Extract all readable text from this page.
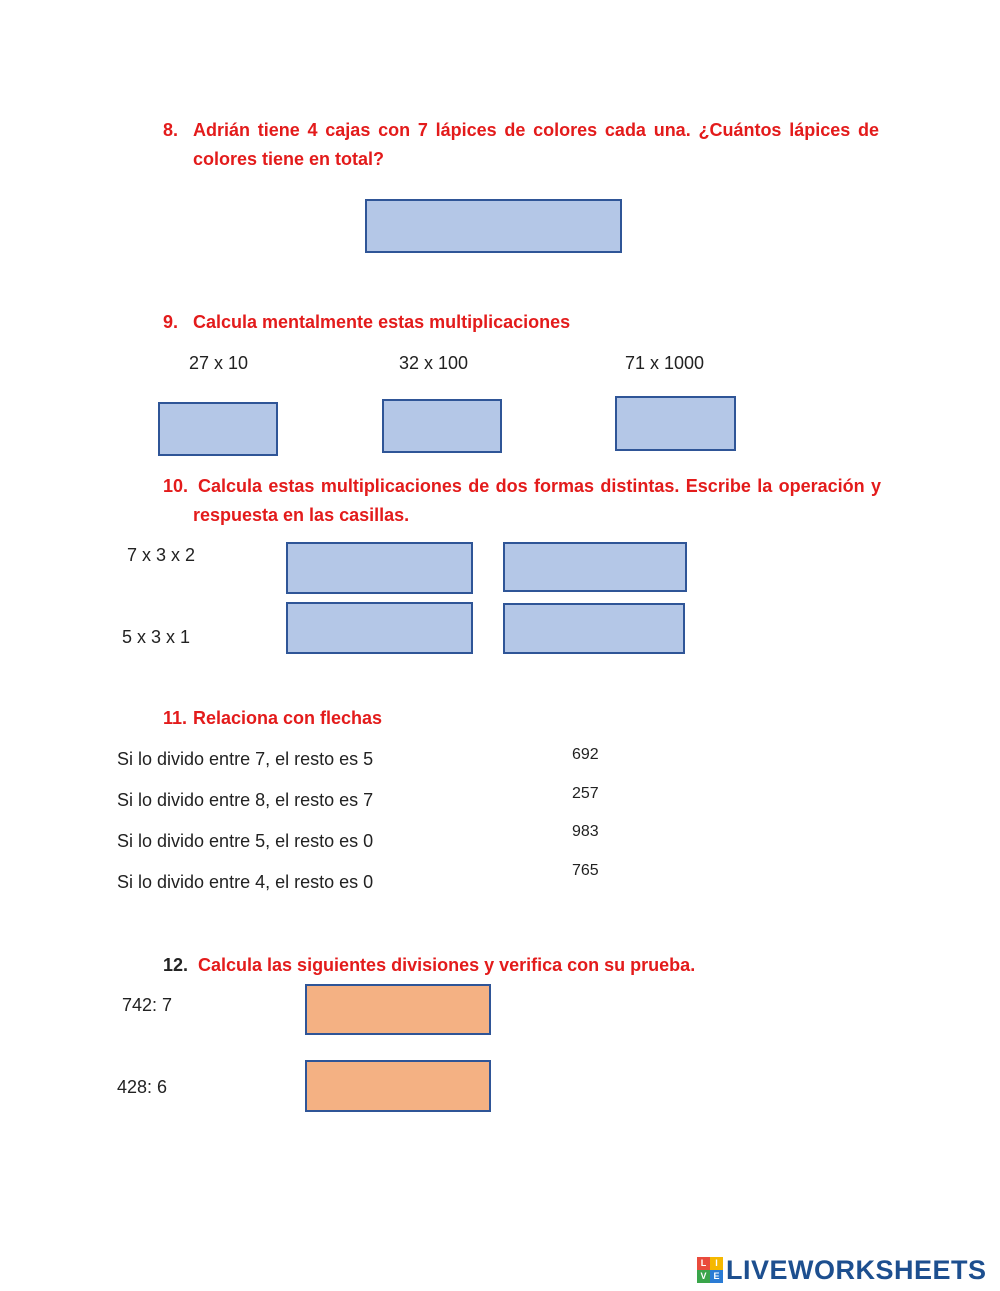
8. Adrián tiene 4 cajas con 7 lápices de colores cada una. ¿Cuántos lápices de
colores tiene en total?
9. Calcula mentalmente estas multiplicaciones
27 x 10	32 x 100	71 x 1000
10. Calcula estas multiplicaciones de dos formas distintas. Escribe la operación y
respuesta en las casillas.
7 x 3 x 2
5 x 3 x 1
11. Relaciona con flechas
Si lo divido entre 7, el resto es 5
Si lo divido entre 8, el resto es 7
Si lo divido entre 5, el resto es 0
Si lo divido entre 4, el resto es 0
692
257
983
765
12. Calcula las siguientes divisiones y verifica con su prueba.
742: 7
428: 6
L I
V E LIVEWORKSHEETS
